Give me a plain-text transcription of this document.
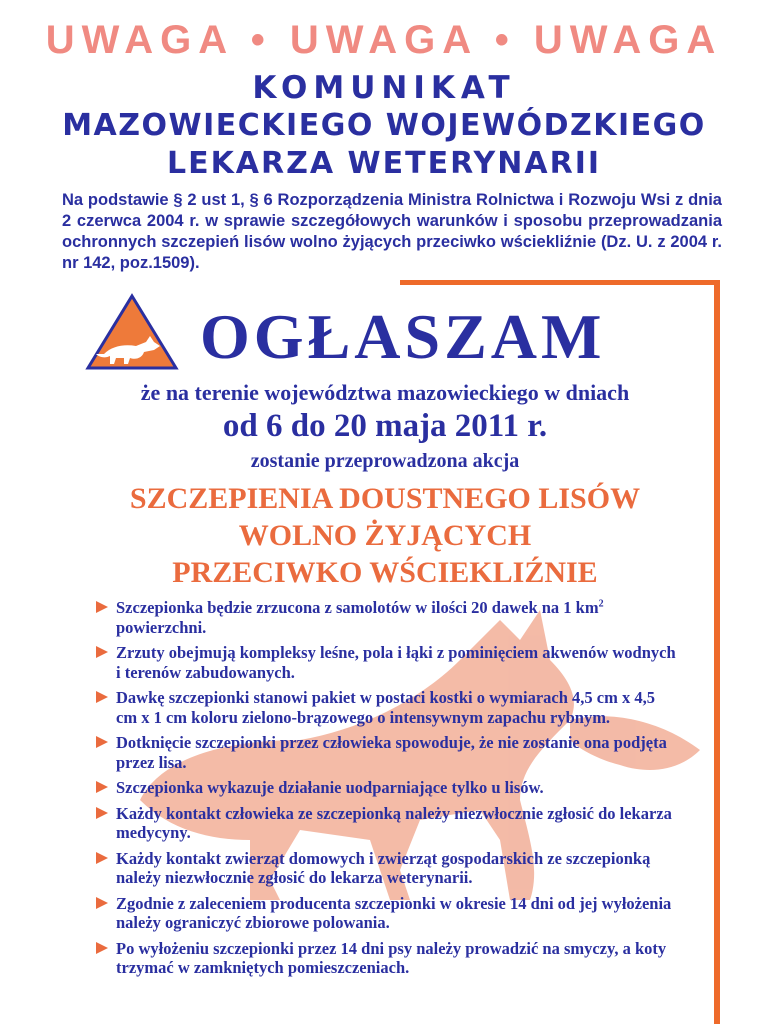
UWAGA • UWAGA • UWAGA
KOMUNIKAT
MAZOWIECKIEGO WOJEWÓDZKIEGO
LEKARZA WETERYNARII
Na podstawie § 2 ust 1, § 6 Rozporządzenia Ministra Rolnictwa i Rozwoju Wsi z dnia 2 czerwca 2004 r. w sprawie szczegółowych warunków i sposobu przeprowadzania ochronnych szczepień lisów wolno żyjących przeciwko wściekliźnie (Dz. U. z 2004 r. nr 142, poz.1509).
OGŁASZAM
że na terenie województwa mazowieckiego w dniach
od 6 do 20 maja 2011 r.
zostanie przeprowadzona akcja
SZCZEPIENIA DOUSTNEGO LISÓW
WOLNO ŻYJĄCYCH
PRZECIWKO WŚCIEKLIŹNIE
Szczepionka będzie zrzucona z samolotów w ilości 20 dawek na 1 $km^2$ powierzchni.
Zrzuty obejmują kompleksy leśne, pola i łąki z pominięciem akwenów wodnych i terenów zabudowanych.
Dawkę szczepionki stanowi pakiet w postaci kostki o wymiarach 4,5 cm x 4,5 cm x 1 cm koloru zielono-brązowego o intensywnym zapachu rybnym.
Dotknięcie szczepionki przez człowieka spowoduje, że nie zostanie ona podjęta przez lisa.
Szczepionka wykazuje działanie uodparniające tylko u lisów.
Każdy kontakt człowieka ze szczepionką należy niezwłocznie zgłosić do lekarza medycyny.
Każdy kontakt zwierząt domowych i zwierząt gospodarskich ze szczepionką należy niezwłocznie zgłosić do lekarza weterynarii.
Zgodnie z zaleceniem producenta szczepionki w okresie 14 dni od jej wyłożenia należy ograniczyć zbiorowe polowania.
Po wyłożeniu szczepionki przez 14 dni psy należy prowadzić na smyczy, a koty trzymać w zamkniętych pomieszczeniach.
